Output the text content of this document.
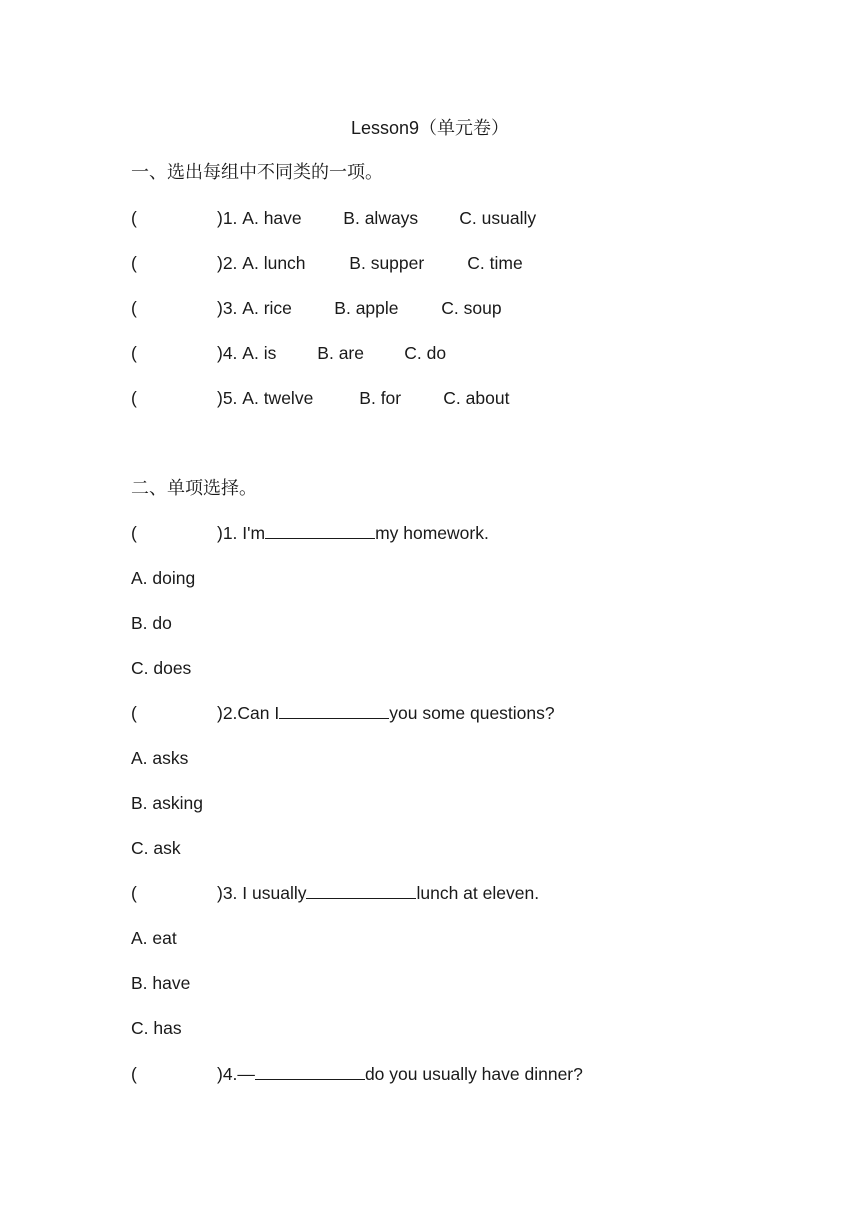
Lesson9（单元卷）
一、选出每组中不同类的一项。
(	)1. A. have B. always C. usually
(	)2. A. lunch	B. supper C. time
(	)3. A. rice B. apple C. soup
(	)4. A. is B. are C. do
(	)5. A. twelve	B. for C. about
二、单项选择。
(	)1. I'm	my homework.
A. doing
B. do
C. does
(	)2.Can I	you some questions?
A. asks
B. asking
C. ask
(	)3. I usually	lunch at eleven.
A. eat
B. have
C. has
(	)4.—	do you usually have dinner?
